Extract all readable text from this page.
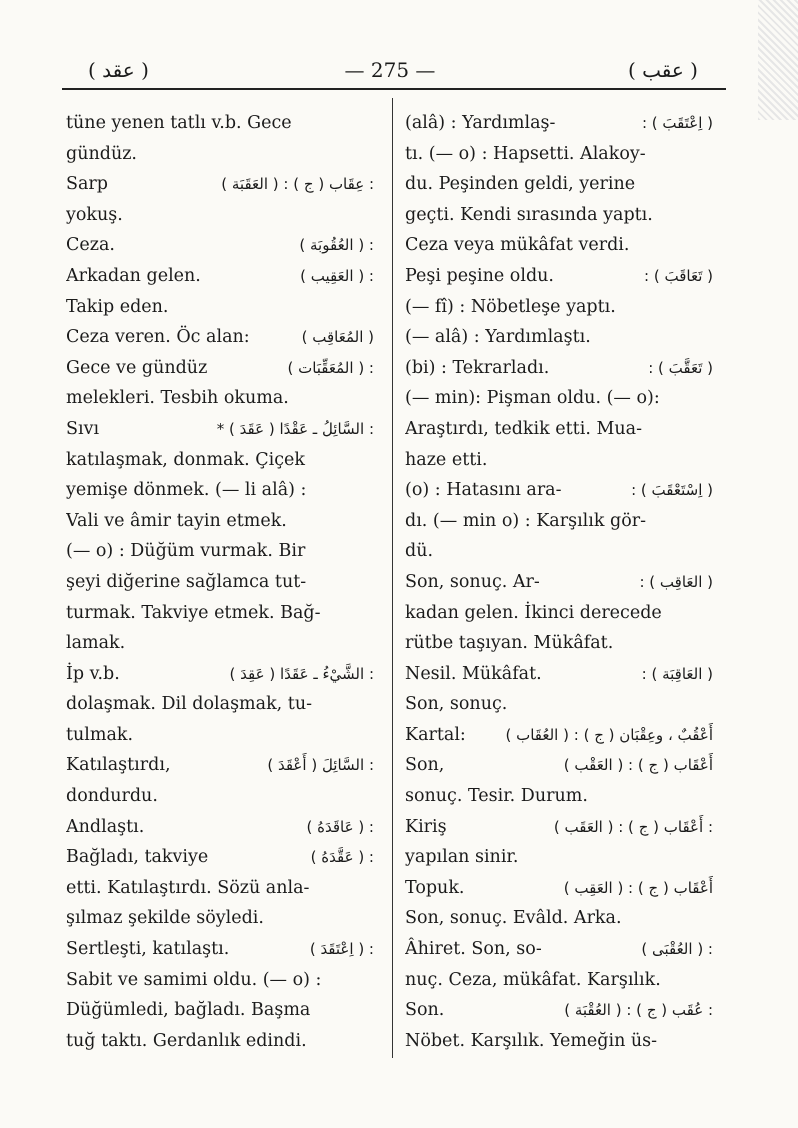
( عقد )	— 275 —	( عقب )
tüne yenen tatlı v.b. Gece
gündüz.
Sarp	( العَقَبَة ) : ( ج ) عِقَاب :
yokuş.
Ceza.	( العُقُوبَة ) :
Arkadan gelen.	( العَقِيب ) :
Takip eden.
Ceza veren. Öc alan:	( المُعَاقِب )
Gece ve gündüz	( المُعَقِّبَات ) :
melekleri. Tesbih okuma.
Sıvı	* ( عَقَدَ ) السَّائِلُ ـ عَقْدًا :
katılaşmak, donmak. Çiçek
yemişe dönmek. (— li alâ) :
Vali ve âmir tayin etmek.
(— o) : Düğüm vurmak. Bir
şeyi diğerine sağlamca tut-
turmak. Takviye etmek. Bağ-
lamak.
İp v.b.	( عَقِدَ ) الشَّيْءُ ـ عَقَدًا :
dolaşmak. Dil dolaşmak, tu-
tulmak.
Katılaştırdı,	( أَعْقَدَ ) السَّائِلَ :
dondurdu.
Andlaştı.	( عَاقَدَهُ ) :
Bağladı, takviye	( عَقَّدَهُ ) :
etti. Katılaştırdı. Sözü anla-
şılmaz şekilde söyledi.
Sertleşti, katılaştı.	( اِعْتَقَدَ ) :
Sabit ve samimi oldu. (— o) :
Düğümledi, bağladı. Başma
tuğ taktı. Gerdanlık edindi.
(alâ) : Yardımlaş-	: ( اِعْتَقَبَ )
tı. (— o) : Hapsetti. Alakoy-
du. Peşinden geldi, yerine
geçti. Kendi sırasında yaptı.
Ceza veya mükâfat verdi.
Peşi peşine oldu.	: ( تَعَاقَبَ )
(— fî) : Nöbetleşe yaptı.
(— alâ) : Yardımlaştı.
(bi) : Tekrarladı.	: ( تَعَقَّبَ )
(— min): Pişman oldu. (— o):
Araştırdı, tedkik etti. Mua-
haze etti.
(o) : Hatasını ara-	: ( اِسْتَعْقَبَ )
dı. (— min o) : Karşılık gör-
dü.
Son, sonuç. Ar-	: ( العَاقِب )
kadan gelen. İkinci derecede
rütbe taşıyan. Mükâfat.
Nesil. Mükâfat.	: ( العَاقِبَة )
Son, sonuç.
Kartal:	( العُقَاب ) : ( ج ) أَعْقُبٌ ، وعِقْبَان
Son,	( العَقْب ) : ( ج ) أَعْقَاب
sonuç. Tesir. Durum.
Kiriş	( العَقَب ) : ( ج ) أَعْقَاب :
yapılan sinir.
Topuk.	( العَقِب ) : ( ج ) أَعْقَاب
Son, sonuç. Evâld. Arka.
Âhiret. Son, so-	( العُقْبَى ) :
nuç. Ceza, mükâfat. Karşılık.
Son.	( العُقْبَة ) : ( ج ) عُقَب :
Nöbet. Karşılık. Yemeğin üs-
